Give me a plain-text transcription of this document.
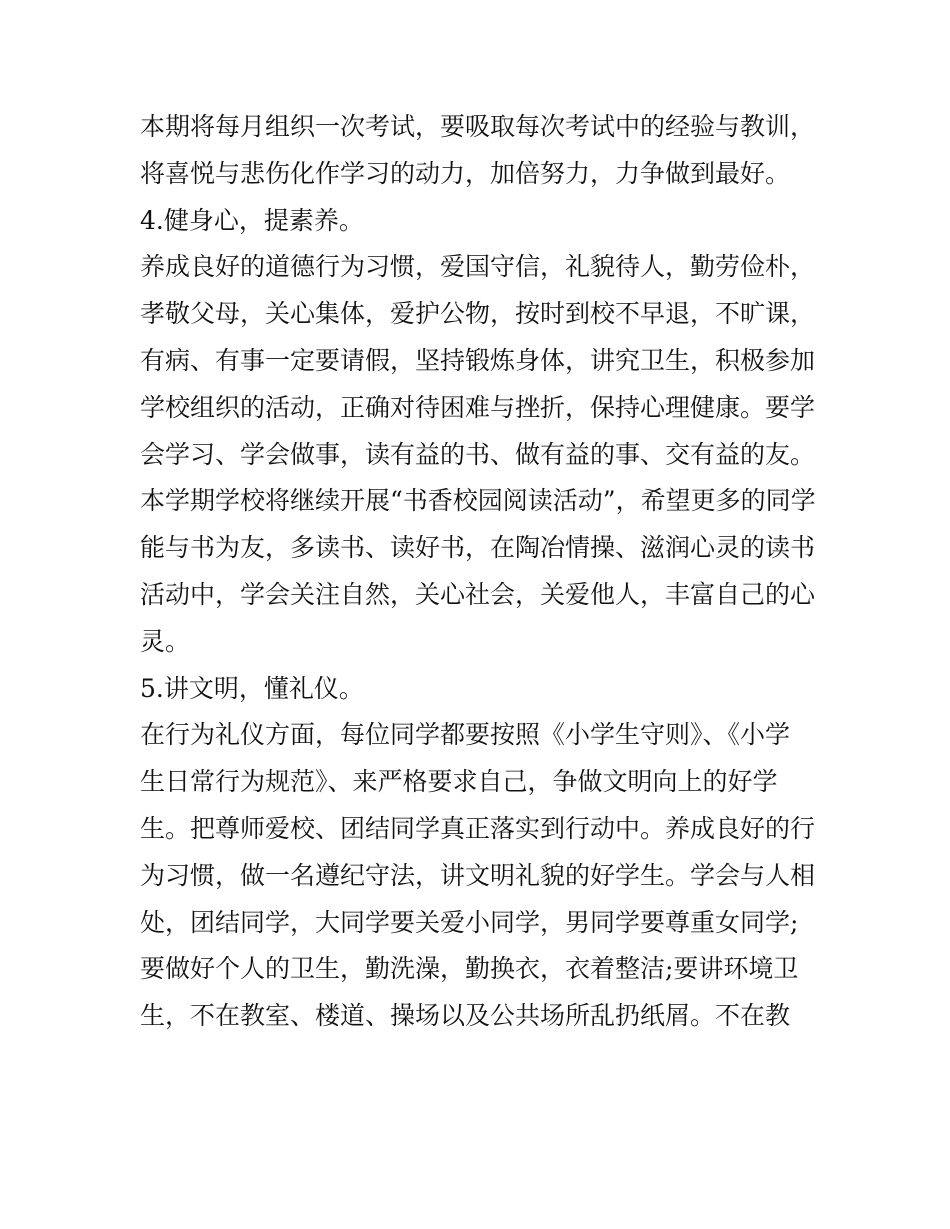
本期将每月组织一次考试，要吸取每次考试中的经验与教训，
将喜悦与悲伤化作学习的动力，加倍努力，力争做到最好。
4.健身心，提素养。
养成良好的道德行为习惯，爱国守信，礼貌待人，勤劳俭朴，
孝敬父母，关心集体，爱护公物，按时到校不早退，不旷课，
有病、有事一定要请假，坚持锻炼身体，讲究卫生，积极参加
学校组织的活动，正确对待困难与挫折，保持心理健康。要学
会学习、学会做事，读有益的书、做有益的事、交有益的友。
本学期学校将继续开展“书香校园阅读活动”，希望更多的同学
能与书为友，多读书、读好书，在陶冶情操、滋润心灵的读书
活动中，学会关注自然，关心社会，关爱他人，丰富自己的心
灵。
5.讲文明，懂礼仪。
在行为礼仪方面，每位同学都要按照《小学生守则》、《小学
生日常行为规范》、来严格要求自己，争做文明向上的好学
生。把尊师爱校、团结同学真正落实到行动中。养成良好的行
为习惯，做一名遵纪守法，讲文明礼貌的好学生。学会与人相
处，团结同学，大同学要关爱小同学，男同学要尊重女同学;
要做好个人的卫生，勤洗澡，勤换衣，衣着整洁;要讲环境卫
生，不在教室、楼道、操场以及公共场所乱扔纸屑。不在教
